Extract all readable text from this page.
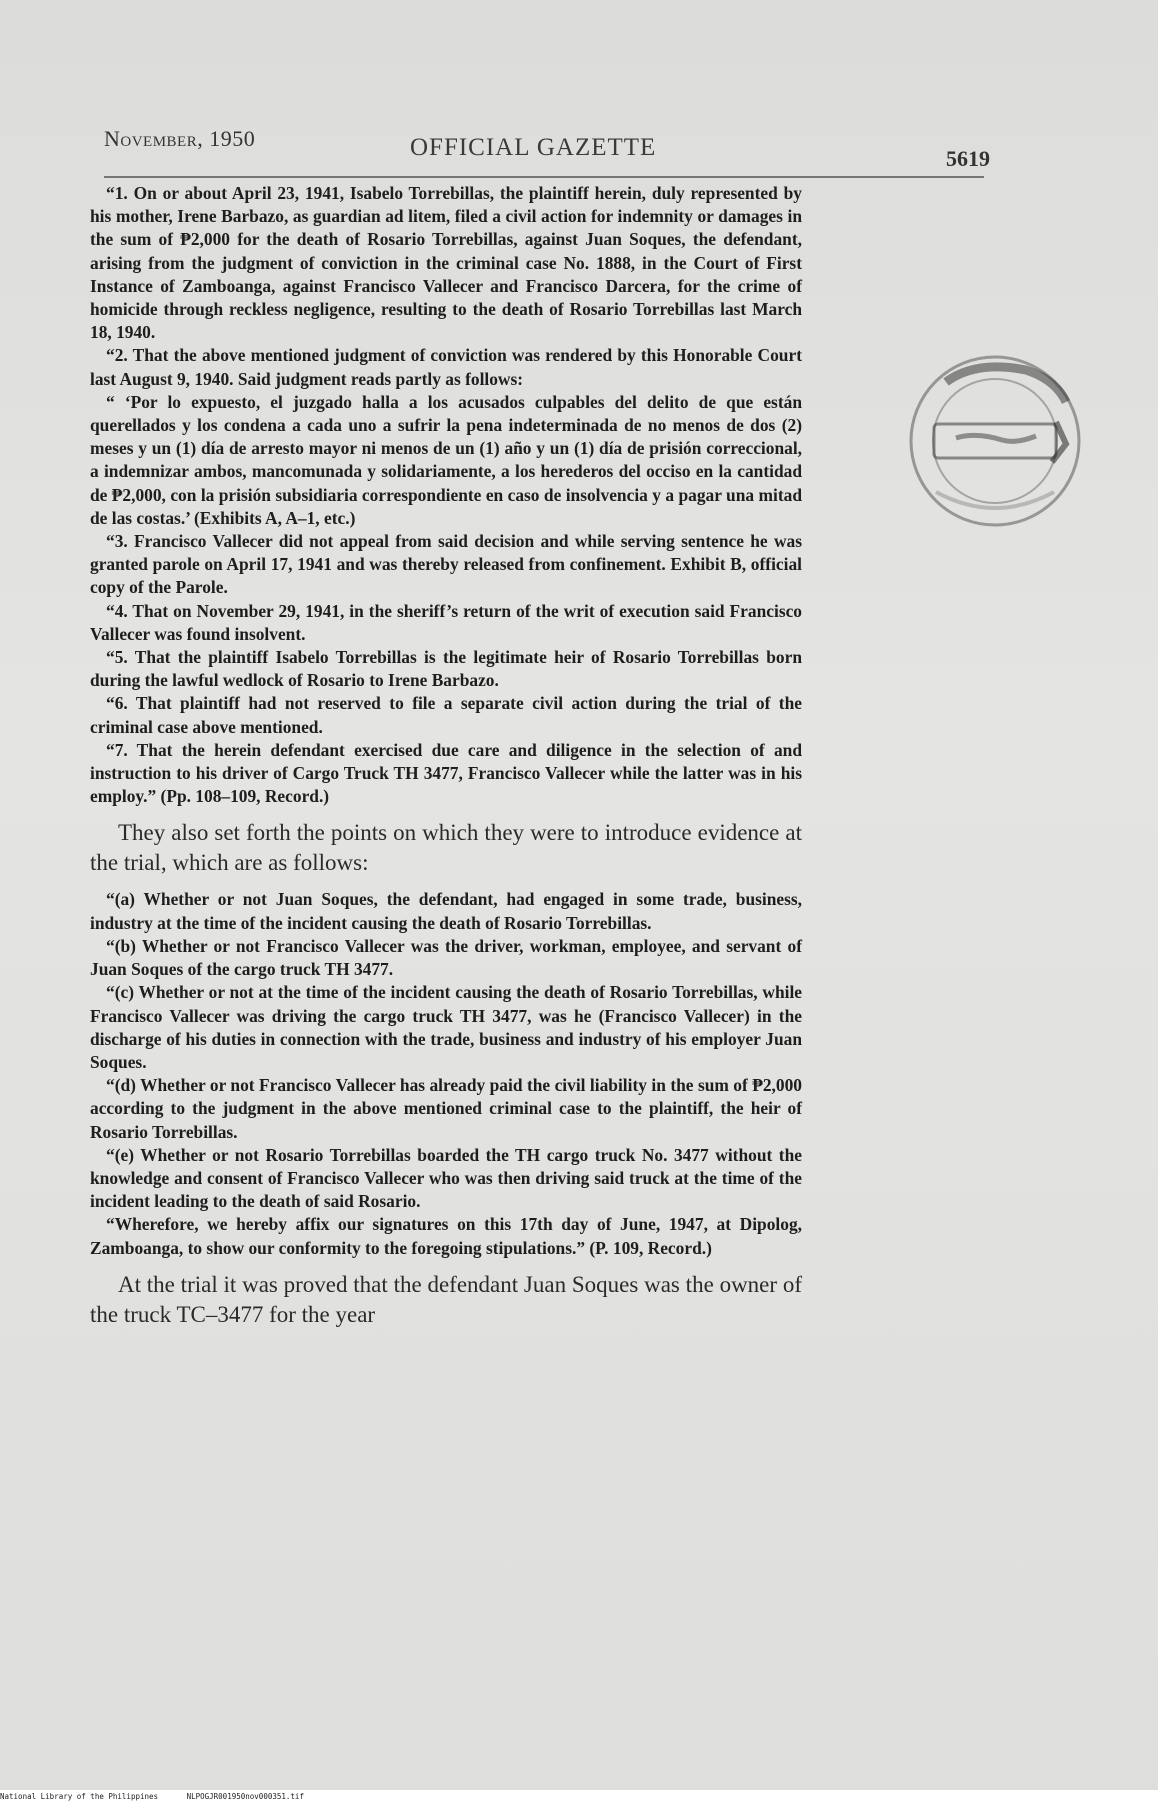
November, 1950	OFFICIAL GAZETTE	5619

“1. On or about April 23, 1941, Isabelo Torrebillas, the plaintiff herein, duly represented by his mother, Irene Barbazo, as guardian ad litem, filed a civil action for indemnity or damages in the sum of ₱2,000 for the death of Rosario Torrebillas, against Juan Soques, the defendant, arising from the judgment of conviction in the criminal case No. 1888, in the Court of First Instance of Zamboanga, against Francisco Vallecer and Francisco Darcera, for the crime of homicide through reckless negligence, resulting to the death of Rosario Torrebillas last March 18, 1940.

“2. That the above mentioned judgment of conviction was rendered by this Honorable Court last August 9, 1940. Said judgment reads partly as follows:

“ ‘Por lo expuesto, el juzgado halla a los acusados culpables del delito de que están querellados y los condena a cada uno a sufrir la pena indeterminada de no menos de dos (2) meses y un (1) día de arresto mayor ni menos de un (1) año y un (1) día de prisión correccional, a indemnizar ambos, mancomunada y solidariamente, a los herederos del occiso en la cantidad de ₱2,000, con la prisión subsidiaria correspondiente en caso de insolvencia y a pagar una mitad de las costas.’ (Exhibits A, A–1, etc.)

“3. Francisco Vallecer did not appeal from said decision and while serving sentence he was granted parole on April 17, 1941 and was thereby released from confinement. Exhibit B, official copy of the Parole.

“4. That on November 29, 1941, in the sheriff’s return of the writ of execution said Francisco Vallecer was found insolvent.

“5. That the plaintiff Isabelo Torrebillas is the legitimate heir of Rosario Torrebillas born during the lawful wedlock of Rosario to Irene Barbazo.

“6. That plaintiff had not reserved to file a separate civil action during the trial of the criminal case above mentioned.

“7. That the herein defendant exercised due care and diligence in the selection of and instruction to his driver of Cargo Truck TH 3477, Francisco Vallecer while the latter was in his employ.” (Pp. 108–109, Record.)

They also set forth the points on which they were to introduce evidence at the trial, which are as follows:

“(a) Whether or not Juan Soques, the defendant, had engaged in some trade, business, industry at the time of the incident causing the death of Rosario Torrebillas.

“(b) Whether or not Francisco Vallecer was the driver, workman, employee, and servant of Juan Soques of the cargo truck TH 3477.

“(c) Whether or not at the time of the incident causing the death of Rosario Torrebillas, while Francisco Vallecer was driving the cargo truck TH 3477, was he (Francisco Vallecer) in the discharge of his duties in connection with the trade, business and industry of his employer Juan Soques.

“(d) Whether or not Francisco Vallecer has already paid the civil liability in the sum of ₱2,000 according to the judgment in the above mentioned criminal case to the plaintiff, the heir of Rosario Torrebillas.

“(e) Whether or not Rosario Torrebillas boarded the TH cargo truck No. 3477 without the knowledge and consent of Francisco Vallecer who was then driving said truck at the time of the incident leading to the death of said Rosario.

“Wherefore, we hereby affix our signatures on this 17th day of June, 1947, at Dipolog, Zamboanga, to show our conformity to the foregoing stipulations.” (P. 109, Record.)

At the trial it was proved that the defendant Juan Soques was the owner of the truck TC–3477 for the year

National Library of the Philippines	NLPOGJR001950nov000351.tif
